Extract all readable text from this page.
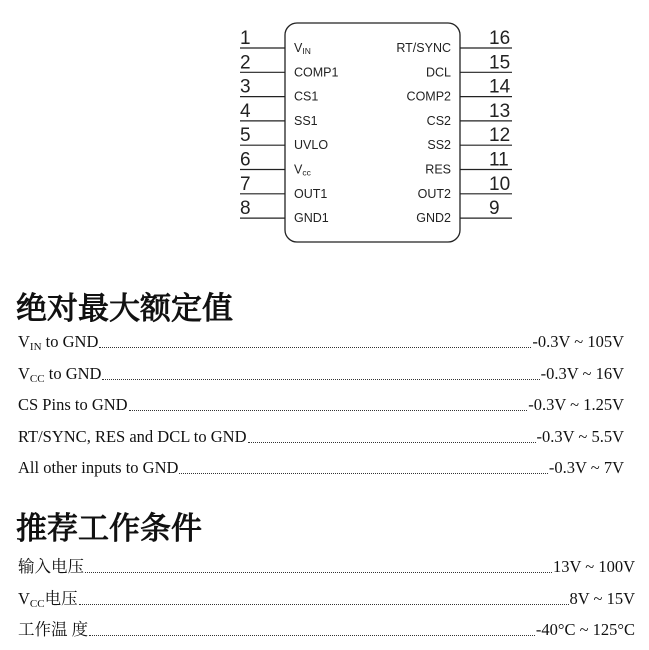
1	VIN
2	COMP1
3	CS1
4	SS1
5	UVLO
6	Vcc
7	OUT1
8	GND1
RT/SYNC 16
DCL 15
COMP2 14
CS2 13
SS2 12
RES 11
OUT2 10
GND2 9
绝对最大额定值
VIN to GND	-0.3V ~ 105V
VCC to GND	-0.3V ~ 16V
CS Pins to GND	-0.3V ~ 1.25V
RT/SYNC, RES and DCL to GND	-0.3V ~ 5.5V
All other inputs to GND	-0.3V ~ 7V
推荐工作条件
输入电压	13V ~ 100V
VCC电压	8V ~ 15V
工作温 度	-40°C ~ 125°C
